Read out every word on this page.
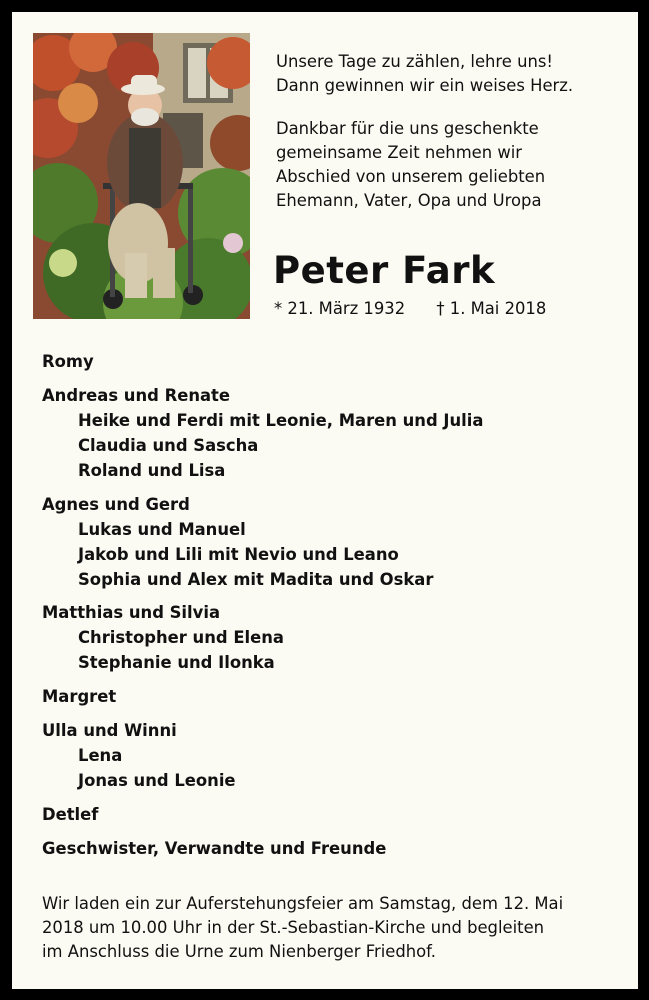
Unsere Tage zu zählen, lehre uns!
Dann gewinnen wir ein weises Herz.
Dankbar für die uns geschenkte
gemeinsame Zeit nehmen wir
Abschied von unserem geliebten
Ehemann, Vater, Opa und Uropa
Peter Fark
* 21. März 1932 † 1. Mai 2018
Romy
Andreas und Renate
Heike und Ferdi mit Leonie, Maren und Julia
Claudia und Sascha
Roland und Lisa
Agnes und Gerd
Lukas und Manuel
Jakob und Lili mit Nevio und Leano
Sophia und Alex mit Madita und Oskar
Matthias und Silvia
Christopher und Elena
Stephanie und Ilonka
Margret
Ulla und Winni
Lena
Jonas und Leonie
Detlef
Geschwister, Verwandte und Freunde
Wir laden ein zur Auferstehungsfeier am Samstag, dem 12. Mai
2018 um 10.00 Uhr in der St.-Sebastian-Kirche und begleiten
im Anschluss die Urne zum Nienberger Friedhof.
